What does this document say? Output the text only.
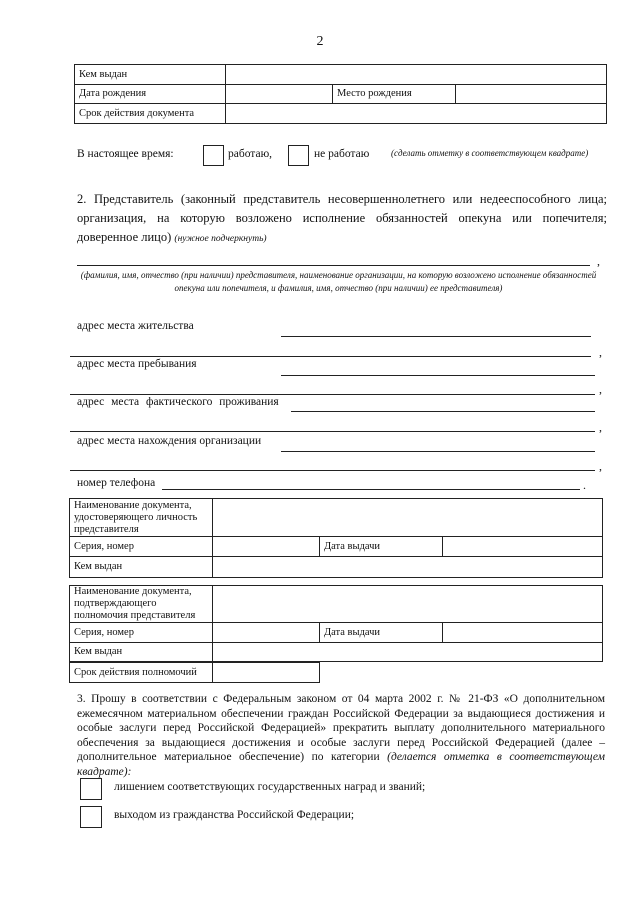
2
Кем выдан			
Дата рождения		Место рождения	
Срок действия документа			
В настоящее время:	работаю,	не работаю (сделать отметку в соответствующем квадрате)
2. Представитель (законный представитель несовершеннолетнего или недееспособного лица; организация, на которую возложено исполнение обязанностей опекуна или попечителя; доверенное лицо) (нужное подчеркнуть)
,
(фамилия, имя, отчество (при наличии) представителя, наименование организации, на которую возложено исполнение обязанностей опекуна или попечителя, и фамилия, имя, отчество (при наличии) ее представителя)
адрес места жительства
,
адрес места пребывания
,
адрес места фактического проживания
,
адрес места нахождения организации
,
номер телефона	.
Наименование документа, удостоверяющего личность представителя			
Серия, номер		Дата выдачи	
Кем выдан			
Наименование документа, подтверждающего полномочия представителя			
Серия, номер		Дата выдачи	
Кем выдан			
Срок действия полномочий	
3. Прошу в соответствии с Федеральным законом от 04 марта 2002 г. № 21-ФЗ «О дополнительном ежемесячном материальном обеспечении граждан Российской Федерации за выдающиеся достижения и особые заслуги перед Российской Федерацией» прекратить выплату дополнительного материального обеспечения за выдающиеся достижения и особые заслуги перед Российской Федерацией (далее – дополнительное материальное обеспечение) по категории (делается отметка в соответствующем квадрате):
лишением соответствующих государственных наград и званий;
выходом из гражданства Российской Федерации;
